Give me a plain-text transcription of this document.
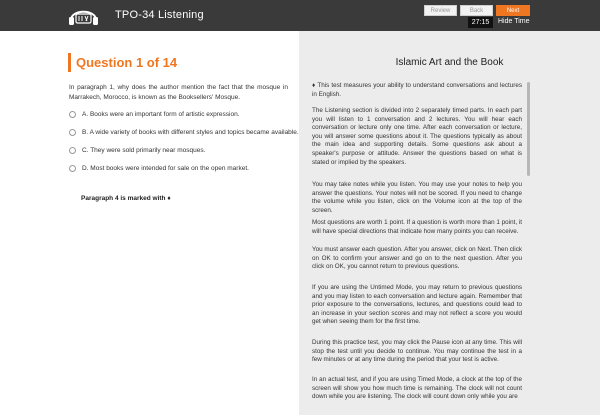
TPO-34 Listening	Review	Back	Next
27:15	Hide Time
Question 1 of 14
In paragraph 1, why does the author mention the fact that the mosque in Marrakech, Morocco, is known as the Booksellers' Mosque.
A. Books were an important form of artistic expression.
B. A wide variety of books with different styles and topics became available.
C. They were sold primarily near mosques.
D. Most books were intended for sale on the open market.
Paragraph 4 is marked with ♦
Islamic Art and the Book
♦ This test measures your ability to understand conversations and lectures in English.
The Listening section is divided into 2 separately timed parts. In each part you will listen to 1 conversation and 2 lectures. You will hear each conversation or lecture only one time. After each conversation or lecture, you will answer some questions about it. The questions typically as about the main idea and supporting details. Some questions ask about a speaker's purpose or attitude. Answer the questions based on what is stated or implied by the speakers.
You may take notes while you listen. You may use your notes to help you answer the questions. Your notes will not be scored. If you need to change the volume while you listen, click on the Volume icon at the top of the screen.
Most questions are worth 1 point. If a question is worth more than 1 point, it will have special directions that indicate how many points you can receive.
You must answer each question. After you answer, click on Next. Then click on OK to confirm your answer and go on to the next question. After you click on OK, you cannot return to previous questions.
If you are using the Untimed Mode, you may return to previous questions and you may listen to each conversation and lecture again. Remember that prior exposure to the conversations, lectures, and questions could lead to an increase in your section scores and may not reflect a score you would get when seeing them for the first time.
During this practice test, you may click the Pause icon at any time. This will stop the test until you decide to continue. You may continue the test in a few minutes or at any time during the period that your test is active.
In an actual test, and if you are using Timed Mode, a clock at the top of the screen will show you how much time is remaining. The clock will not count down while you are listening. The clock will count down only while you are
